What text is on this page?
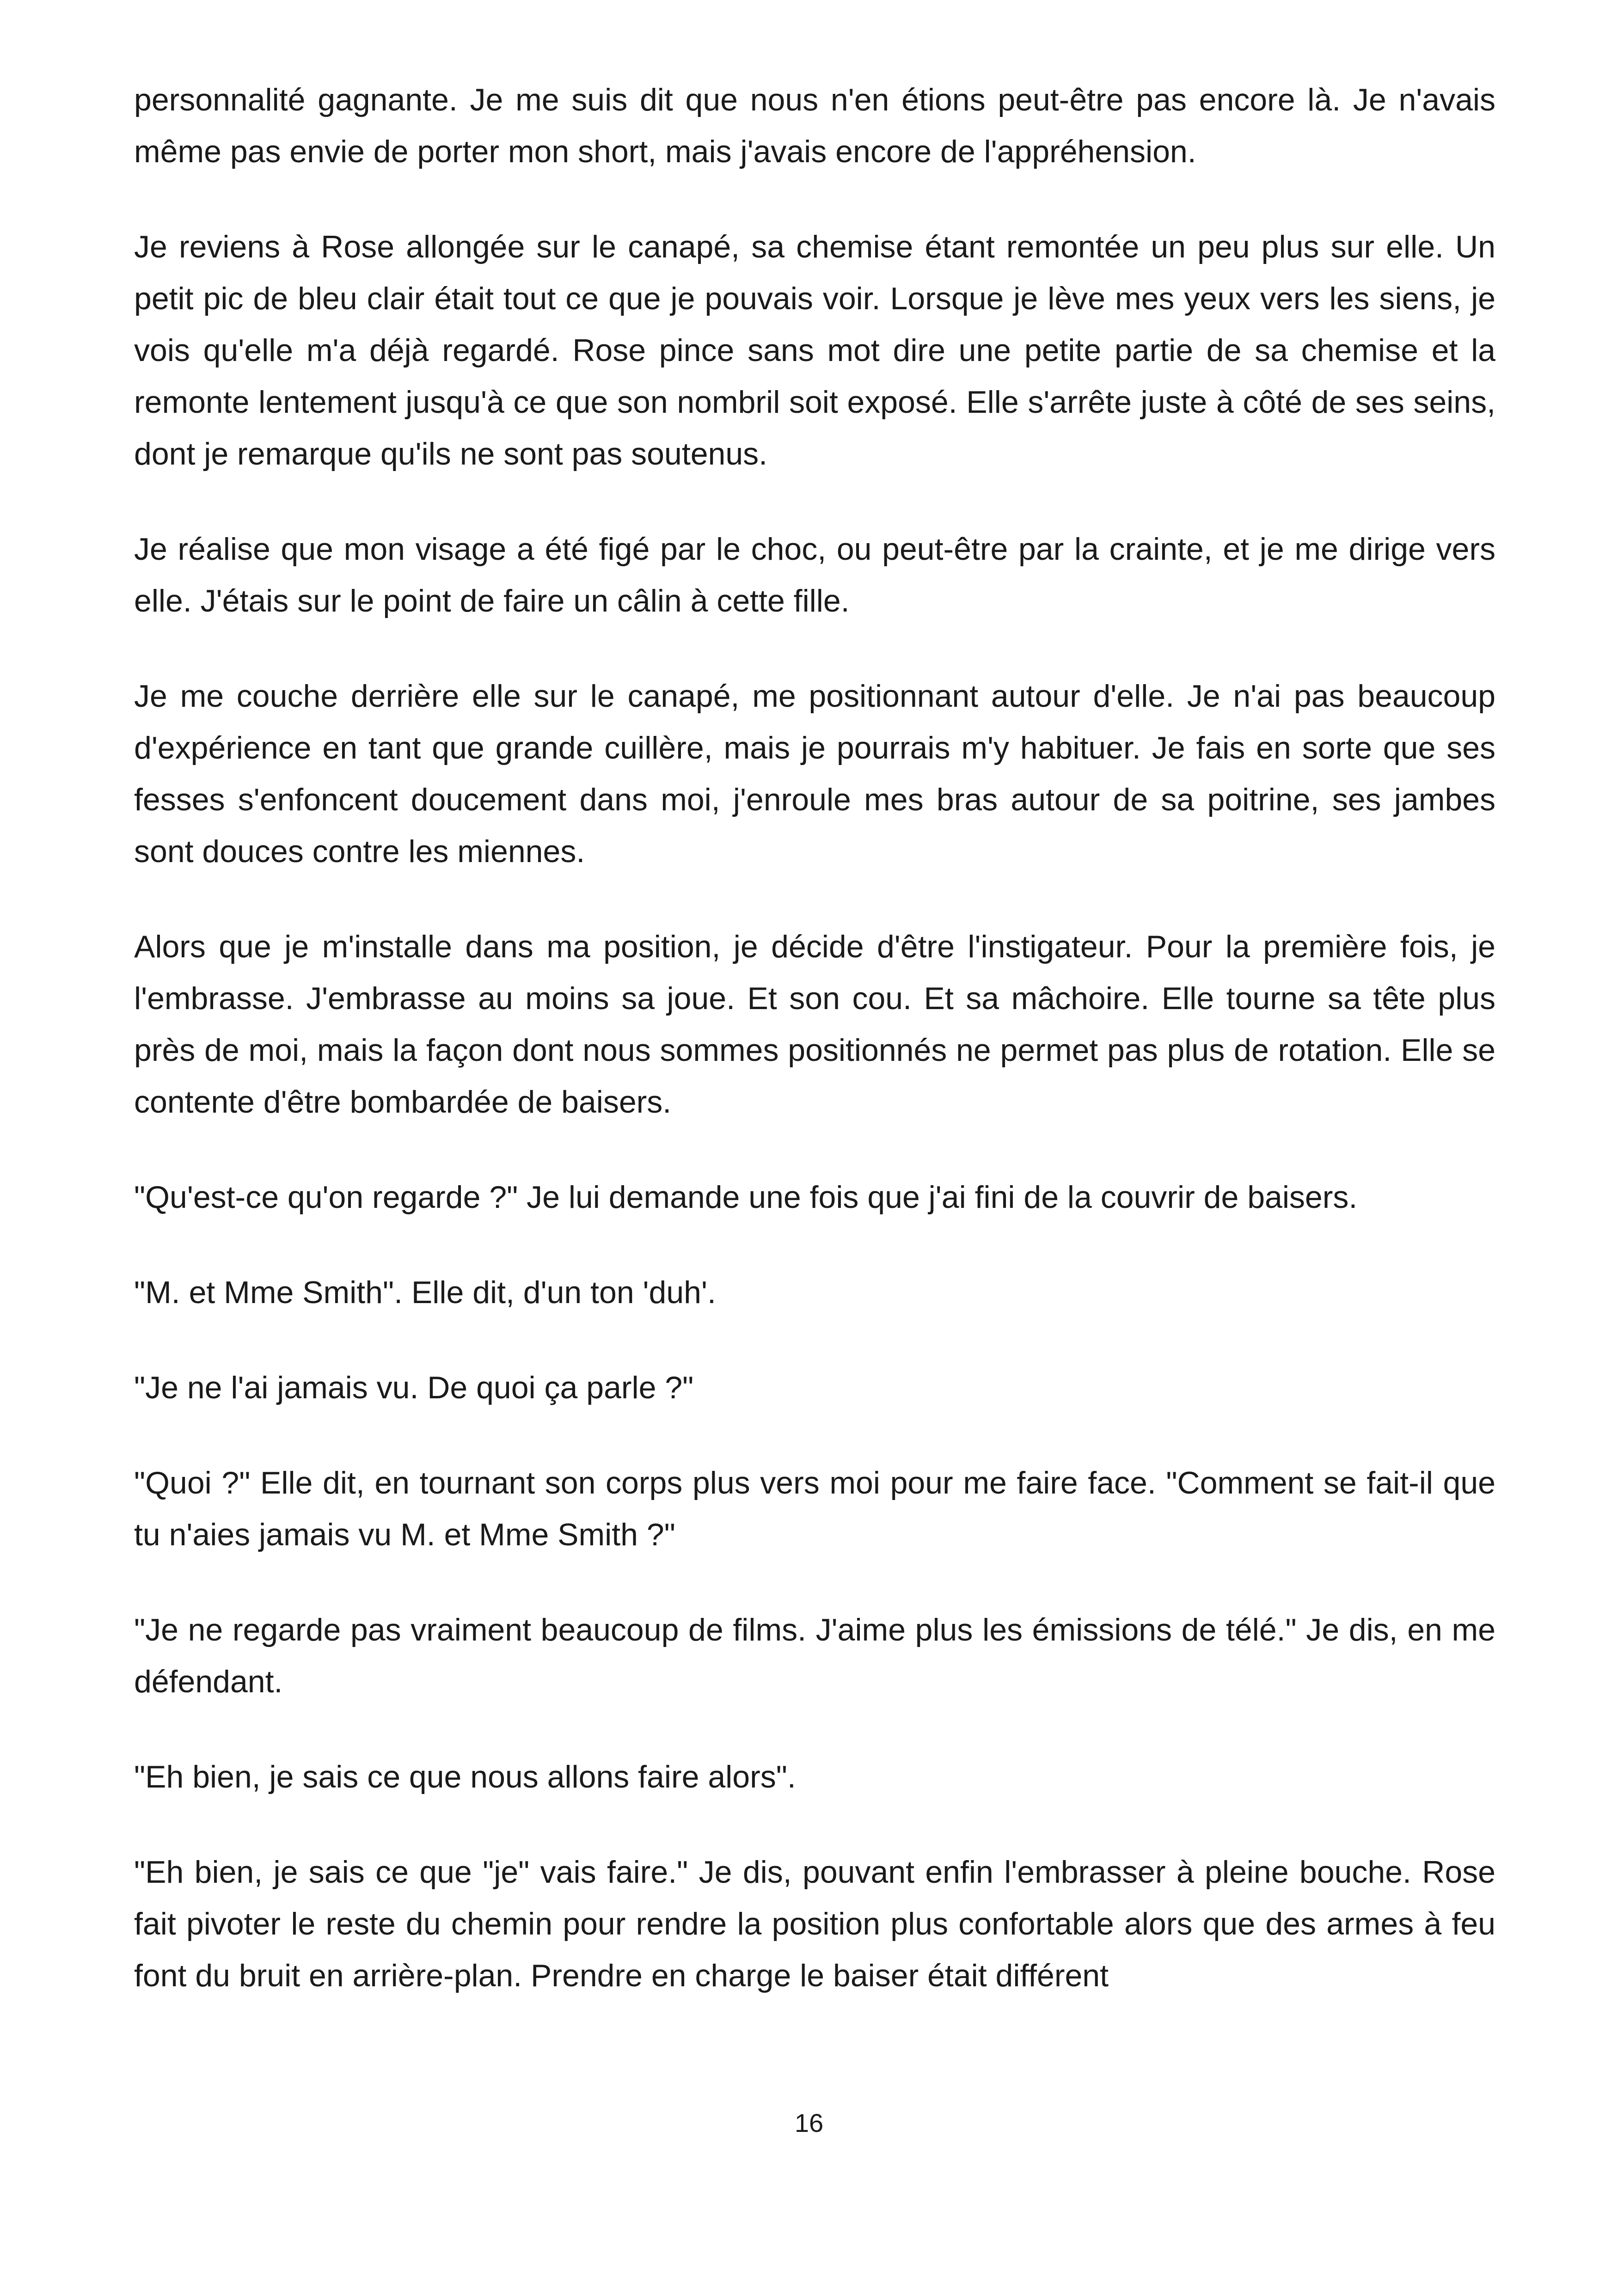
personnalité gagnante. Je me suis dit que nous n'en étions peut-être pas encore là. Je n'avais même pas envie de porter mon short, mais j'avais encore de l'appréhension.

Je reviens à Rose allongée sur le canapé, sa chemise étant remontée un peu plus sur elle. Un petit pic de bleu clair était tout ce que je pouvais voir. Lorsque je lève mes yeux vers les siens, je vois qu'elle m'a déjà regardé. Rose pince sans mot dire une petite partie de sa chemise et la remonte lentement jusqu'à ce que son nombril soit exposé. Elle s'arrête juste à côté de ses seins, dont je remarque qu'ils ne sont pas soutenus.

Je réalise que mon visage a été figé par le choc, ou peut-être par la crainte, et je me dirige vers elle. J'étais sur le point de faire un câlin à cette fille.

Je me couche derrière elle sur le canapé, me positionnant autour d'elle. Je n'ai pas beaucoup d'expérience en tant que grande cuillère, mais je pourrais m'y habituer. Je fais en sorte que ses fesses s'enfoncent doucement dans moi, j'enroule mes bras autour de sa poitrine, ses jambes sont douces contre les miennes.

Alors que je m'installe dans ma position, je décide d'être l'instigateur. Pour la première fois, je l'embrasse. J'embrasse au moins sa joue. Et son cou. Et sa mâchoire. Elle tourne sa tête plus près de moi, mais la façon dont nous sommes positionnés ne permet pas plus de rotation. Elle se contente d'être bombardée de baisers.

"Qu'est-ce qu'on regarde ?" Je lui demande une fois que j'ai fini de la couvrir de baisers.

"M. et Mme Smith". Elle dit, d'un ton 'duh'.

"Je ne l'ai jamais vu. De quoi ça parle ?"

"Quoi ?" Elle dit, en tournant son corps plus vers moi pour me faire face. "Comment se fait-il que tu n'aies jamais vu M. et Mme Smith ?"

"Je ne regarde pas vraiment beaucoup de films. J'aime plus les émissions de télé." Je dis, en me défendant.

"Eh bien, je sais ce que nous allons faire alors".

"Eh bien, je sais ce que "je" vais faire." Je dis, pouvant enfin l'embrasser à pleine bouche. Rose fait pivoter le reste du chemin pour rendre la position plus confortable alors que des armes à feu font du bruit en arrière-plan. Prendre en charge le baiser était différent

16
